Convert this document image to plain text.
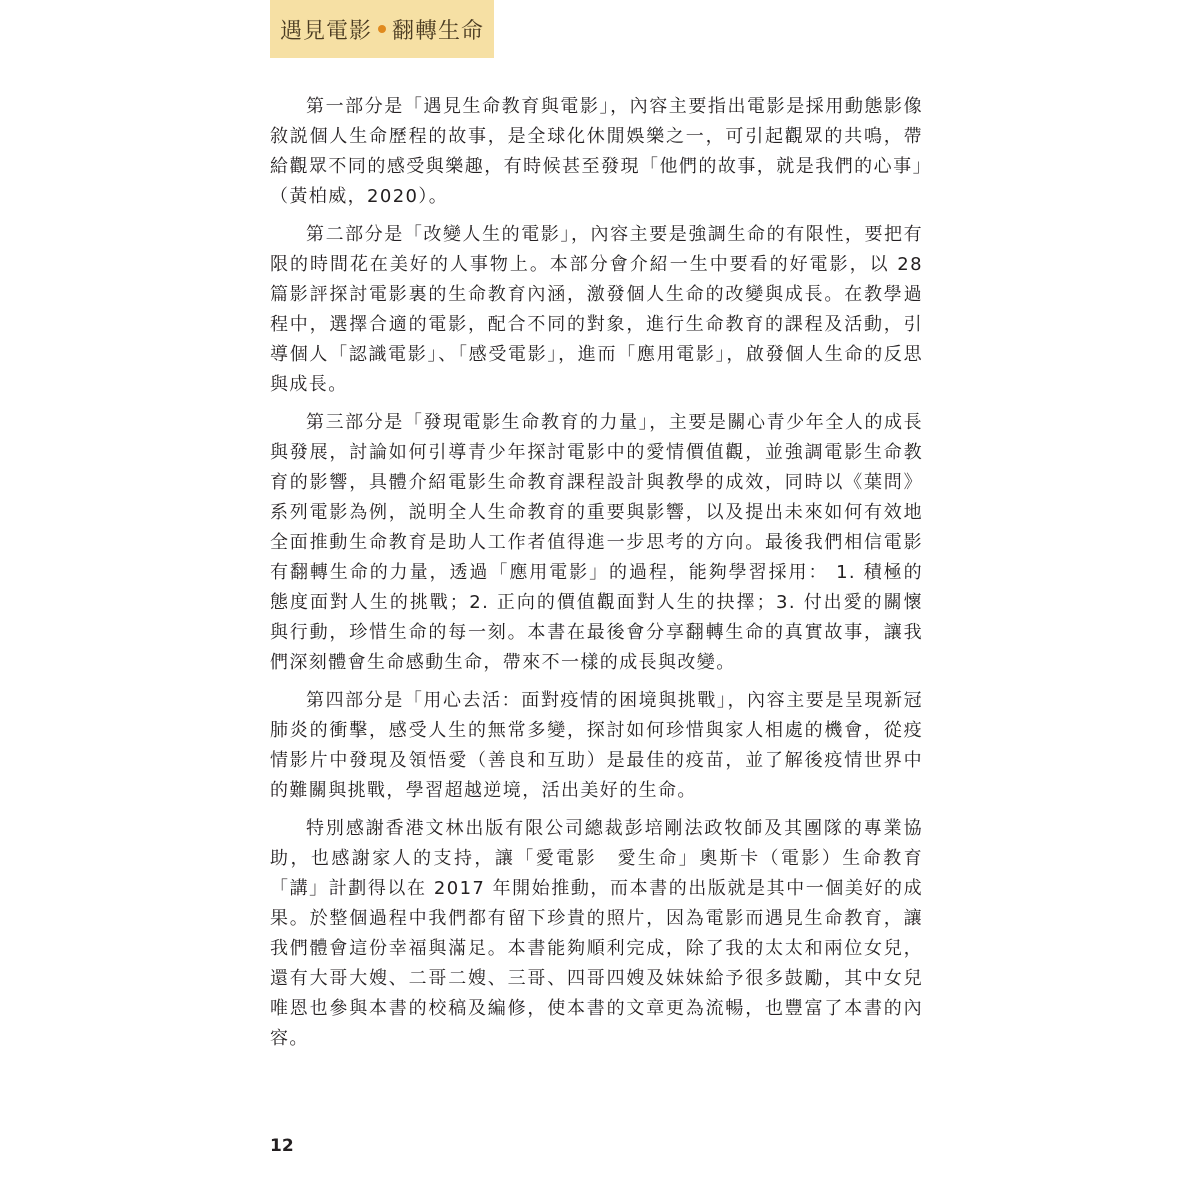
遇見電影 翻轉生命

第一部分是「遇見生命教育與電影」，內容主要指出電影是採用動態影像敘説個人生命歷程的故事，是全球化休閒娛樂之一，可引起觀眾的共鳴，帶給觀眾不同的感受與樂趣，有時候甚至發現「他們的故事，就是我們的心事」（黃柏威，2020）。

第二部分是「改變人生的電影」，內容主要是強調生命的有限性，要把有限的時間花在美好的人事物上。本部分會介紹一生中要看的好電影，以 28 篇影評探討電影裏的生命教育內涵，激發個人生命的改變與成長。在教學過程中，選擇合適的電影，配合不同的對象，進行生命教育的課程及活動，引導個人「認識電影」、「感受電影」，進而「應用電影」，啟發個人生命的反思與成長。

第三部分是「發現電影生命教育的力量」，主要是關心青少年全人的成長與發展，討論如何引導青少年探討電影中的愛情價值觀，並強調電影生命教育的影響，具體介紹電影生命教育課程設計與教學的成效，同時以《葉問》系列電影為例，説明全人生命教育的重要與影響，以及提出未來如何有效地全面推動生命教育是助人工作者值得進一步思考的方向。最後我們相信電影有翻轉生命的力量，透過「應用電影」的過程，能夠學習採用： 1. 積極的態度面對人生的挑戰；2. 正向的價值觀面對人生的抉擇；3. 付出愛的關懷與行動，珍惜生命的每一刻。本書在最後會分享翻轉生命的真實故事，讓我們深刻體會生命感動生命，帶來不一樣的成長與改變。

第四部分是「用心去活：面對疫情的困境與挑戰」，內容主要是呈現新冠肺炎的衝擊，感受人生的無常多變，探討如何珍惜與家人相處的機會，從疫情影片中發現及領悟愛（善良和互助）是最佳的疫苗，並了解後疫情世界中的難關與挑戰，學習超越逆境，活出美好的生命。

特別感謝香港文林出版有限公司總裁彭培剛法政牧師及其團隊的專業協助，也感謝家人的支持，讓「愛電影　愛生命」奧斯卡（電影）生命教育「講」計劃得以在 2017 年開始推動，而本書的出版就是其中一個美好的成果。於整個過程中我們都有留下珍貴的照片，因為電影而遇見生命教育，讓我們體會這份幸福與滿足。本書能夠順利完成，除了我的太太和兩位女兒，還有大哥大嫂、二哥二嫂、三哥、四哥四嫂及妹妹給予很多鼓勵，其中女兒唯恩也參與本書的校稿及編修，使本書的文章更為流暢，也豐富了本書的內容。

12
